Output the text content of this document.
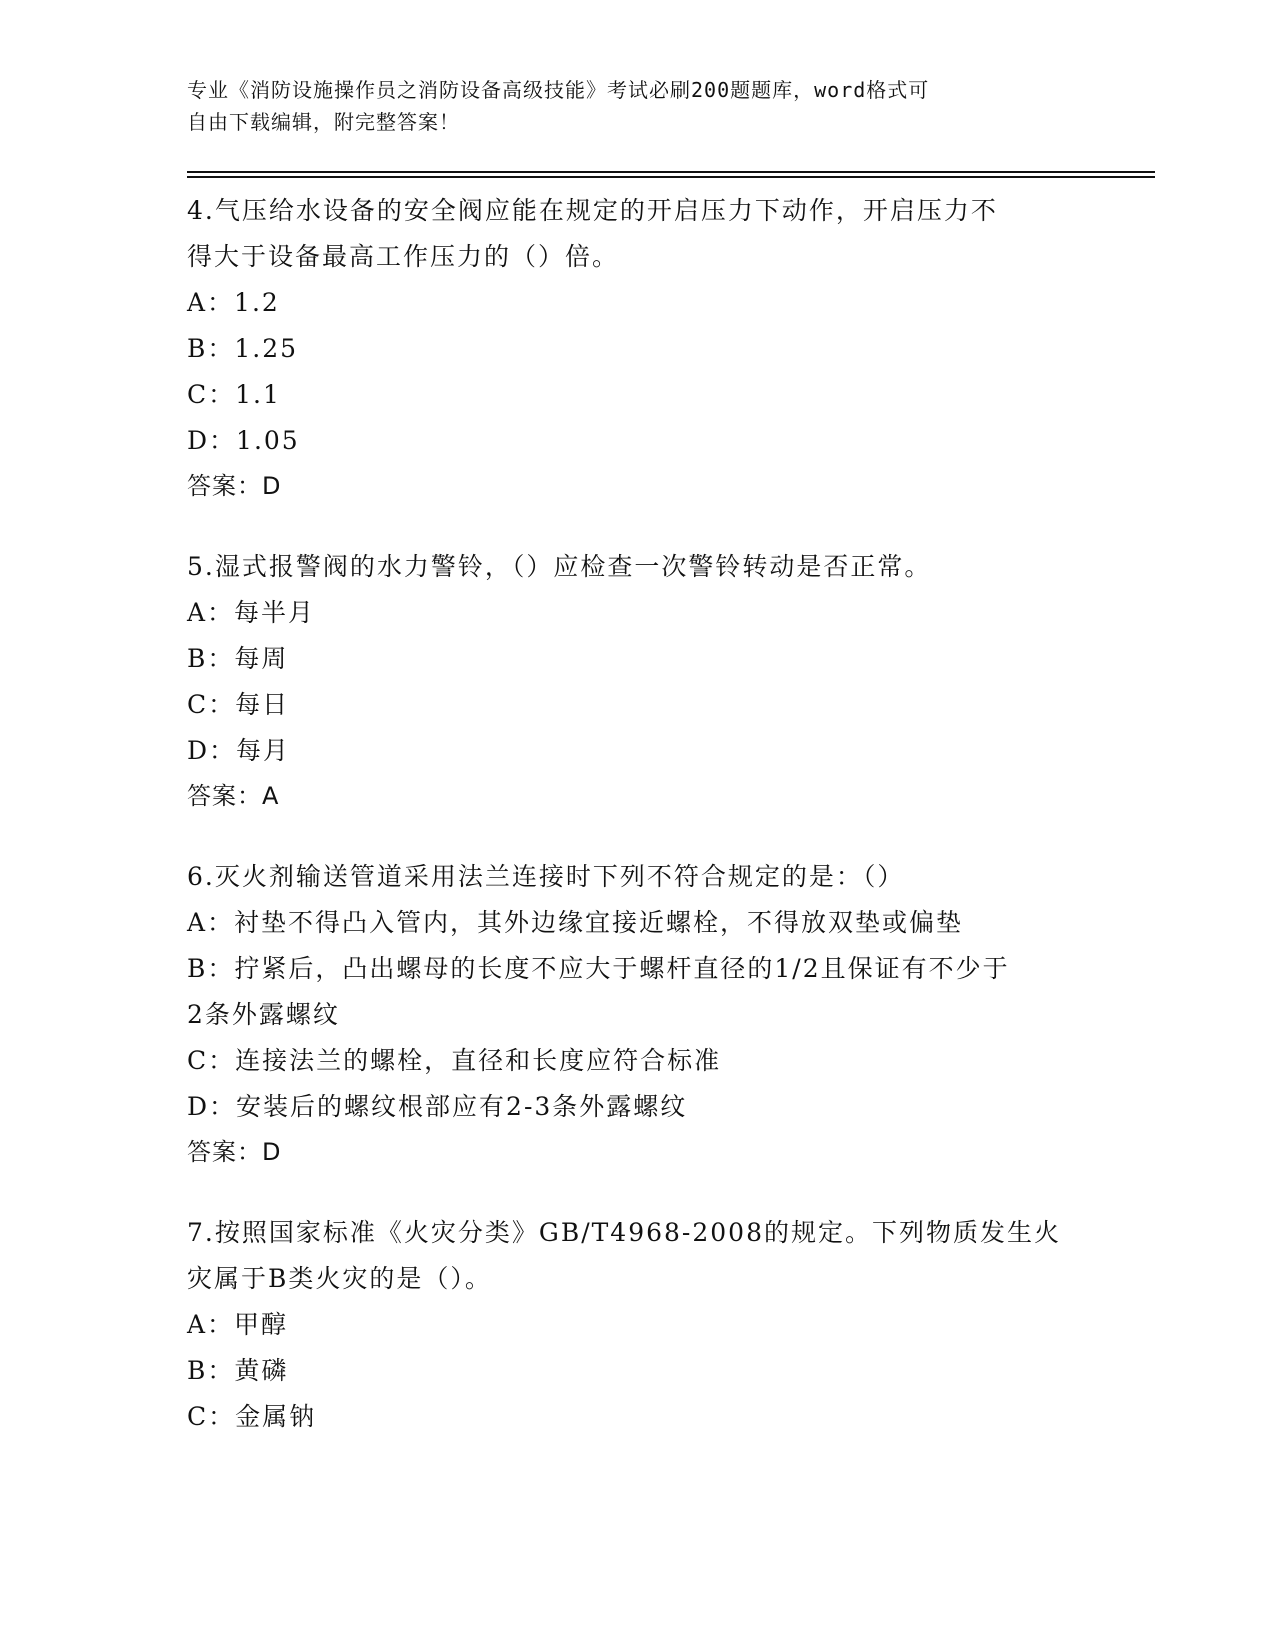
专业《消防设施操作员之消防设备高级技能》考试必刷200题题库，word格式可
自由下载编辑，附完整答案！
4.气压给水设备的安全阀应能在规定的开启压力下动作，开启压力不
得大于设备最高工作压力的（）倍。
A：1.2
B：1.25
C：1.1
D：1.05
答案：D
5.湿式报警阀的水力警铃，（）应检查一次警铃转动是否正常。
A：每半月
B：每周
C：每日
D：每月
答案：A
6.灭火剂输送管道采用法兰连接时下列不符合规定的是：（）
A：衬垫不得凸入管内，其外边缘宜接近螺栓，不得放双垫或偏垫
B：拧紧后，凸出螺母的长度不应大于螺杆直径的1/2且保证有不少于
2条外露螺纹
C：连接法兰的螺栓，直径和长度应符合标准
D：安装后的螺纹根部应有2-3条外露螺纹
答案：D
7.按照国家标准《火灾分类》GB/T4968-2008的规定。下列物质发生火
灾属于B类火灾的是（）。
A：甲醇
B：黄磷
C：金属钠
